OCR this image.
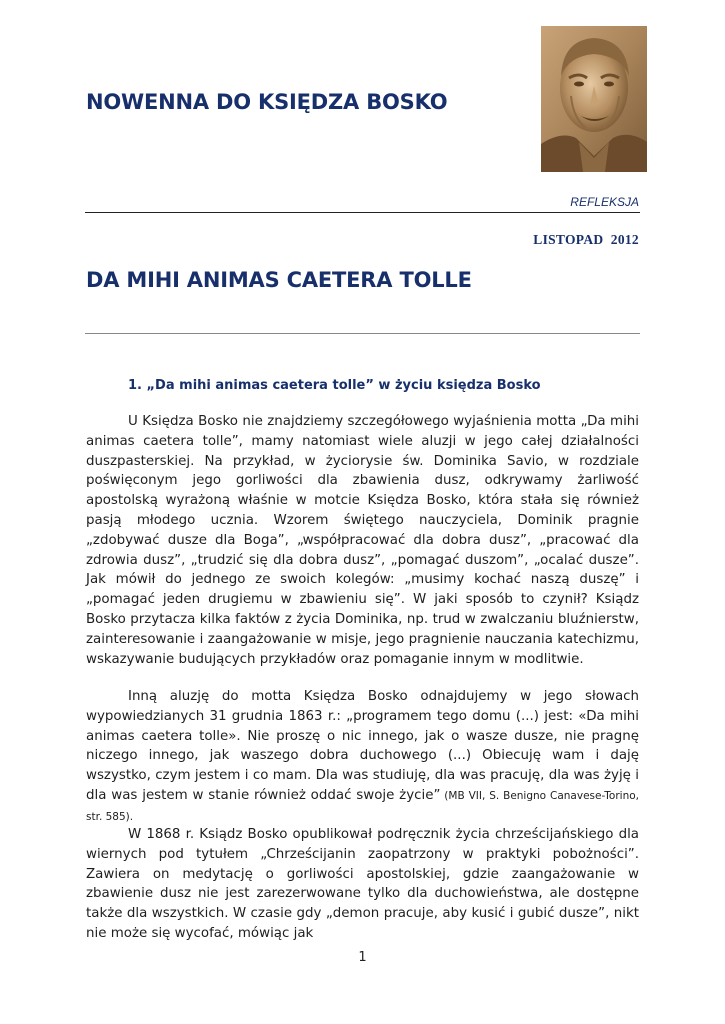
NOWENNA DO KSIĘDZA BOSKO
REFLEKSJA
LISTOPAD  2012
DA MIHI ANIMAS CAETERA TOLLE
1. „Da mihi animas caetera tolle” w życiu księdza Bosko

U Księdza Bosko nie znajdziemy szczegółowego wyjaśnienia motta „Da mihi animas caetera tolle”, mamy natomiast wiele aluzji w jego całej działalności duszpasterskiej. Na przykład, w życiorysie św. Dominika Savio, w rozdziale poświęconym jego gorliwości dla zbawienia dusz, odkrywamy żarliwość apostolską wyrażoną właśnie w motcie Księdza Bosko, która stała się również pasją młodego ucznia. Wzorem świętego nauczyciela, Dominik pragnie „zdobywać dusze dla Boga”, „współpracować dla dobra dusz”, „pracować dla zdrowia dusz”, „trudzić się dla dobra dusz”, „pomagać duszom”, „ocalać dusze”. Jak mówił do jednego ze swoich kolegów: „musimy kochać naszą duszę” i „pomagać jeden drugiemu w zbawieniu się”. W jaki sposób to czynił? Ksiądz Bosko przytacza kilka faktów z życia Dominika, np. trud w zwalczaniu bluźnierstw, zainteresowanie i zaangażowanie w misje, jego pragnienie nauczania katechizmu, wskazywanie budujących przykładów oraz pomaganie innym w modlitwie.

Inną aluzję do motta Księdza Bosko odnajdujemy w jego słowach wypowiedzianych 31 grudnia 1863 r.: „programem tego domu (...) jest: «Da mihi animas caetera tolle». Nie proszę o nic innego, jak o wasze dusze, nie pragnę niczego innego, jak waszego dobra duchowego (...) Obiecuję wam i daję wszystko, czym jestem i co mam. Dla was studiuję, dla was pracuję, dla was żyję i dla was jestem w stanie również oddać swoje życie” (MB VII, S. Benigno Canavese-Torino, str. 585).

W 1868 r. Ksiądz Bosko opublikował podręcznik życia chrześcijańskiego dla wiernych pod tytułem „Chrześcijanin zaopatrzony w praktyki pobożności”. Zawiera on medytację o gorliwości apostolskiej, gdzie zaangażowanie w zbawienie dusz nie jest zarezerwowane tylko dla duchowieństwa, ale dostępne także dla wszystkich. W czasie gdy „demon pracuje, aby kusić i gubić dusze”, nikt nie może się wycofać, mówiąc jak

1
